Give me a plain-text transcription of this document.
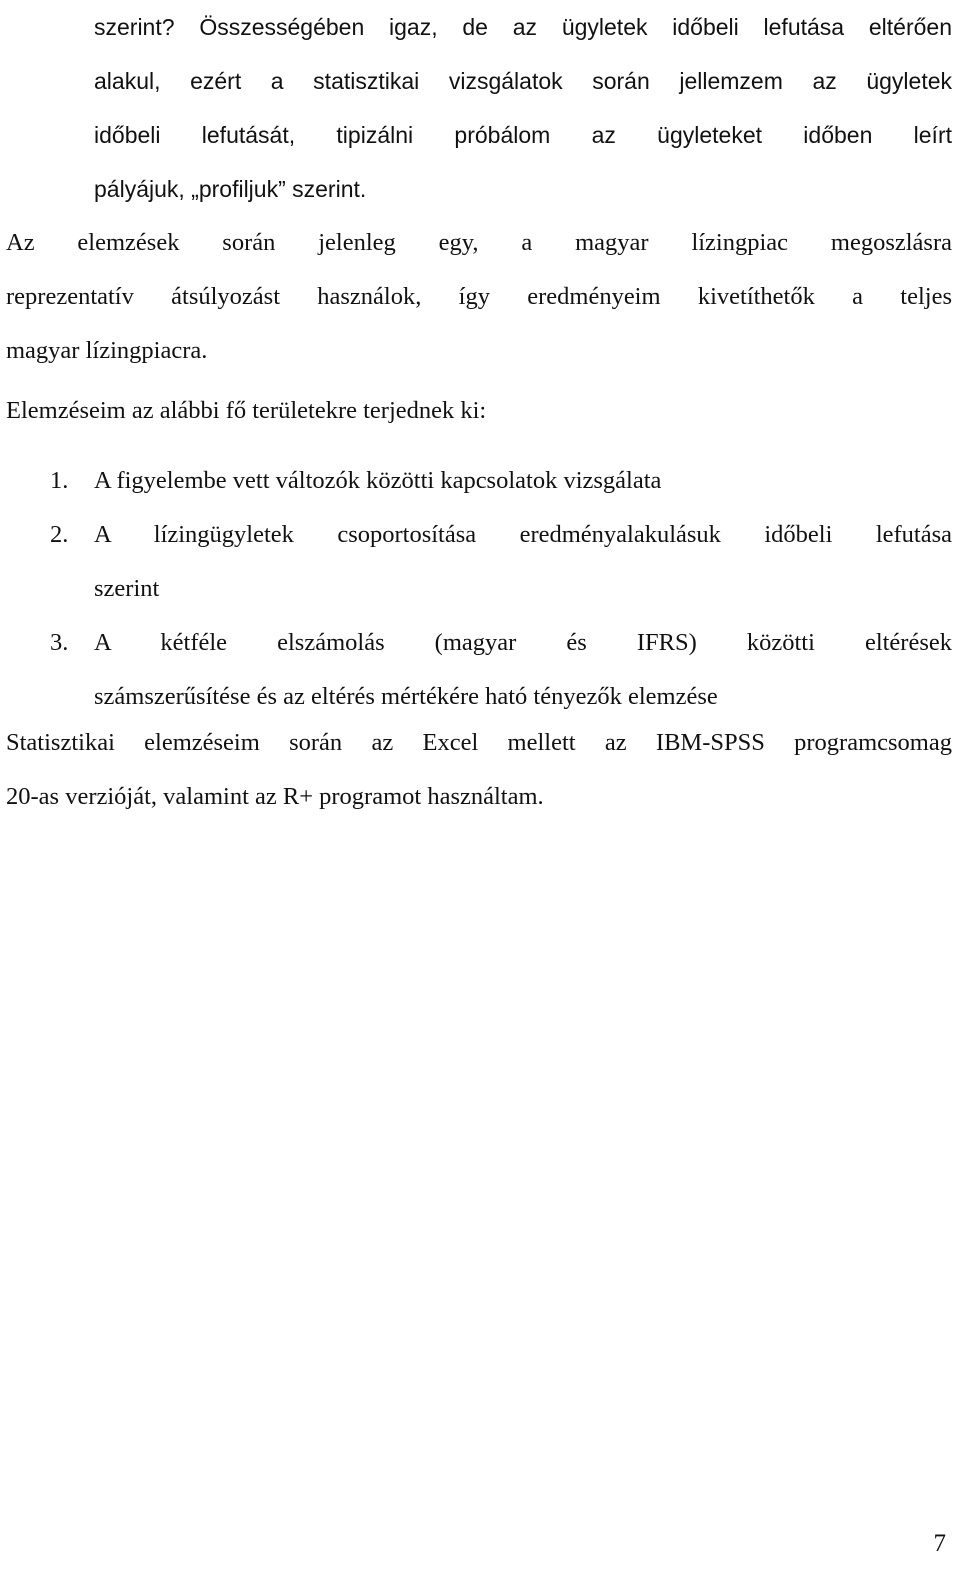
szerint? Összességében igaz, de az ügyletek időbeli lefutása eltérően
alakul, ezért a statisztikai vizsgálatok során jellemzem az ügyletek
időbeli lefutását, tipizálni próbálom az ügyleteket időben leírt
pályájuk, „profiljuk” szerint.
Az elemzések során jelenleg egy, a magyar lízingpiac megoszlásra
reprezentatív átsúlyozást használok, így eredményeim kivetíthetők a teljes
magyar lízingpiacra.
Elemzéseim az alábbi fő területekre terjednek ki:
1. A figyelembe vett változók közötti kapcsolatok vizsgálata
2. A lízingügyletek csoportosítása eredményalakulásuk időbeli lefutása
szerint
3. A kétféle elszámolás (magyar és IFRS) közötti eltérések
számszerűsítése és az eltérés mértékére ható tényezők elemzése
Statisztikai elemzéseim során az Excel mellett az IBM-SPSS programcsomag
20-as verzióját, valamint az R+ programot használtam.
7
